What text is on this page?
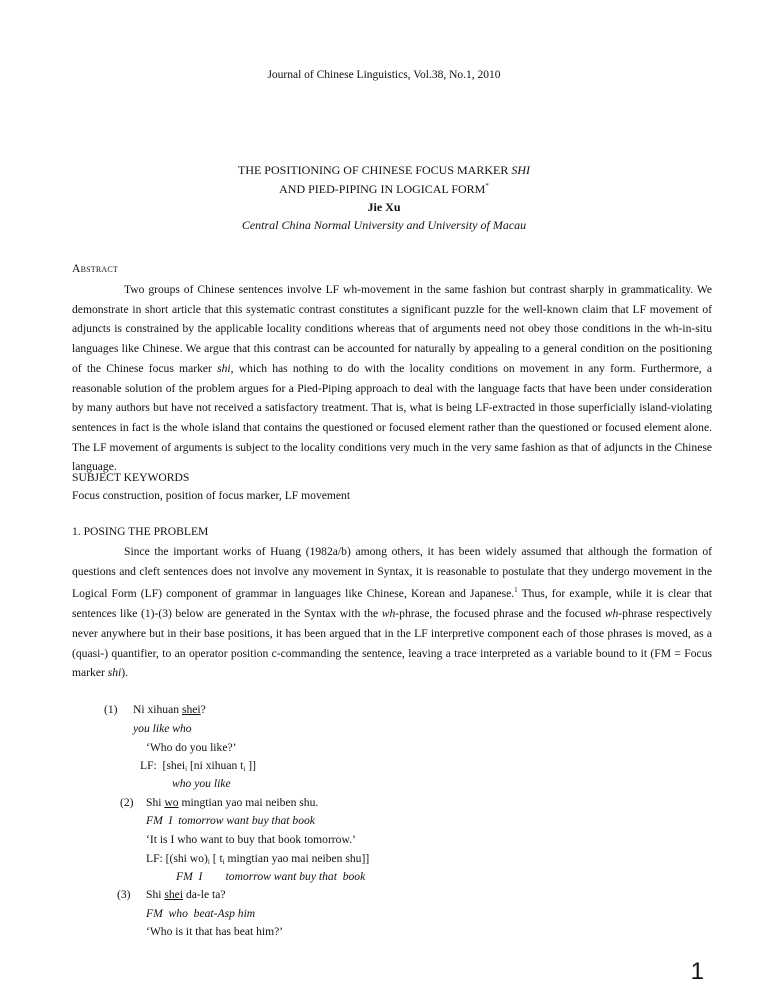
Journal of Chinese Linguistics, Vol.38, No.1, 2010
THE POSITIONING OF CHINESE FOCUS MARKER SHI
AND PIED-PIPING IN LOGICAL FORM*
Jie Xu
Central China Normal University and University of Macau
Abstract

Two groups of Chinese sentences involve LF wh-movement in the same fashion but contrast sharply in grammaticality. We demonstrate in short article that this systematic contrast constitutes a significant puzzle for the well-known claim that LF movement of adjuncts is constrained by the applicable locality conditions whereas that of arguments need not obey those conditions in the wh-in-situ languages like Chinese. We argue that this contrast can be accounted for naturally by appealing to a general condition on the positioning of the Chinese focus marker shi, which has nothing to do with the locality conditions on movement in any form. Furthermore, a reasonable solution of the problem argues for a Pied-Piping approach to deal with the language facts that have been under consideration by many authors but have not received a satisfactory treatment. That is, what is being LF-extracted in those superficially island-violating sentences in fact is the whole island that contains the questioned or focused element rather than the questioned or focused element alone. The LF movement of arguments is subject to the locality conditions very much in the very same fashion as that of adjuncts in the Chinese language.

SUBJECT KEYWORDS
Focus construction, position of focus marker, LF movement
1. POSING THE PROBLEM

Since the important works of Huang (1982a/b) among others, it has been widely assumed that although the formation of questions and cleft sentences does not involve any movement in Syntax, it is reasonable to postulate that they undergo movement in the Logical Form (LF) component of grammar in languages like Chinese, Korean and Japanese.$^1$ Thus, for example, while it is clear that sentences like (1)-(3) below are generated in the Syntax with the wh-phrase, the focused phrase and the focused wh-phrase respectively never anywhere but in their base positions, it has been argued that in the LF interpretive component each of those phrases is moved, as a (quasi-) quantifier, to an operator position c-commanding the sentence, leaving a trace interpreted as a variable bound to it (FM = Focus marker shi).

(1) Ni xihuan shei?
you like who
‘Who do you like?’
LF:  [shei$_i$ [ni xihuan $t_i$ ]]
who you like
(2) Shi wo mingtian yao mai neiben shu.
FM  I  tomorrow want buy that book
‘It is I who want to buy that book tomorrow.’
LF: [(shi $wo)_i$ [ $t_i$ mingtian yao mai neiben shu]]
FM  I        tomorrow want buy that  book
(3) Shi shei da-le ta?
FM  who  beat-Asp him
‘Who is it that has beat him?’
1
